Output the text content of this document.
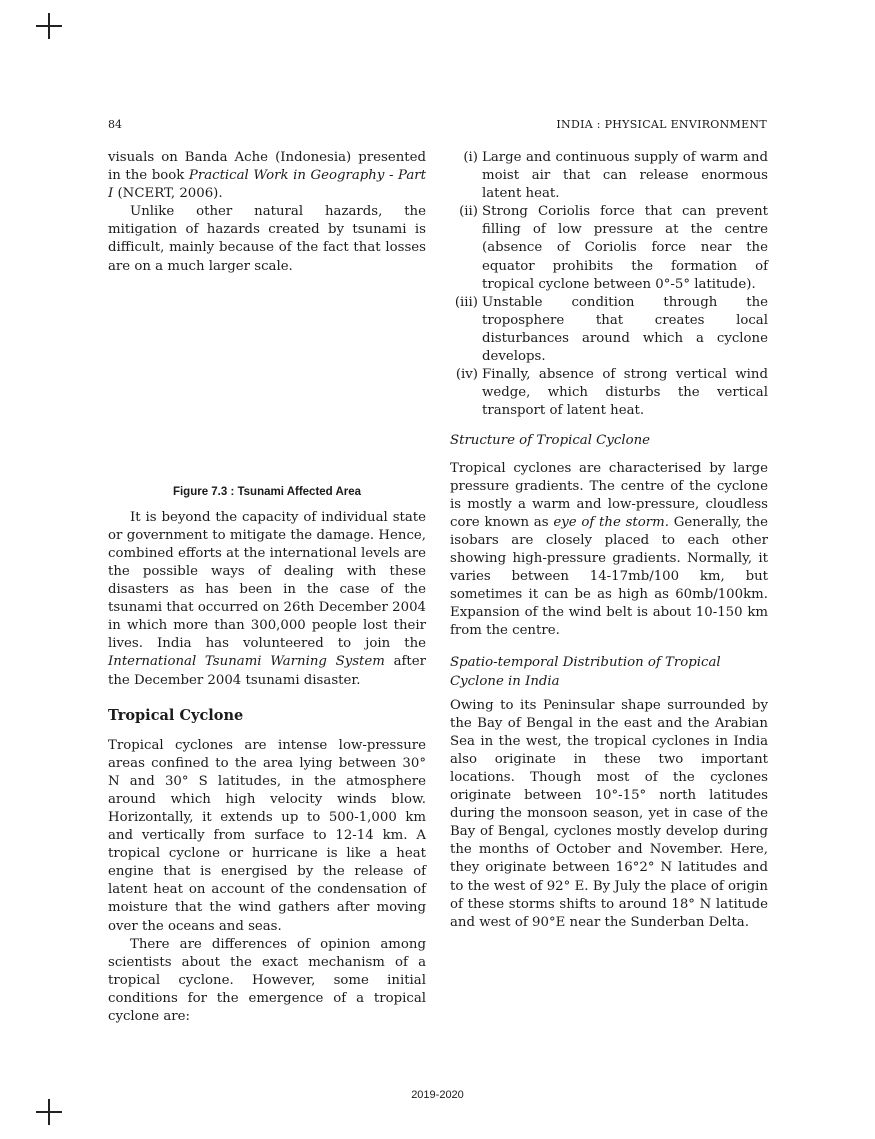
84	INDIA : PHYSICAL ENVIRONMENT

visuals on Banda Ache (Indonesia) presented in the book Practical Work in Geography - Part I (NCERT, 2006).

Unlike other natural hazards, the mitigation of hazards created by tsunami is difficult, mainly because of the fact that losses are on a much larger scale.

Figure 7.3 : Tsunami Affected Area

It is beyond the capacity of individual state or government to mitigate the damage. Hence, combined efforts at the international levels are the possible ways of dealing with these disasters as has been in the case of the tsunami that occurred on 26th December 2004 in which more than 300,000 people lost their lives. India has volunteered to join the International Tsunami Warning System after the December 2004 tsunami disaster.

Tropical Cyclone

Tropical cyclones are intense low-pressure areas confined to the area lying between 30° N and 30° S latitudes, in the atmosphere around which high velocity winds blow. Horizontally, it extends up to 500-1,000 km and vertically from surface to 12-14 km. A tropical cyclone or hurricane is like a heat engine that is energised by the release of latent heat on account of the condensation of moisture that the wind gathers after moving over the oceans and seas.

There are differences of opinion among scientists about the exact mechanism of a tropical cyclone. However, some initial conditions for the emergence of a tropical cyclone are:

(i) Large and continuous supply of warm and moist air that can release enormous latent heat.
(ii) Strong Coriolis force that can prevent filling of low pressure at the centre (absence of Coriolis force near the equator prohibits the formation of tropical cyclone between 0°-5° latitude).
(iii) Unstable condition through the troposphere that creates local disturbances around which a cyclone develops.
(iv) Finally, absence of strong vertical wind wedge, which disturbs the vertical transport of latent heat.
Structure of Tropical Cyclone

Tropical cyclones are characterised by large pressure gradients. The centre of the cyclone is mostly a warm and low-pressure, cloudless core known as eye of the storm. Generally, the isobars are closely placed to each other showing high-pressure gradients. Normally, it varies between 14-17mb/100 km, but sometimes it can be as high as 60mb/100km. Expansion of the wind belt is about 10-150 km from the centre.

Spatio-temporal Distribution of Tropical Cyclone in India

Owing to its Peninsular shape surrounded by the Bay of Bengal in the east and the Arabian Sea in the west, the tropical cyclones in India also originate in these two important locations. Though most of the cyclones originate between 10°-15° north latitudes during the monsoon season, yet in case of the Bay of Bengal, cyclones mostly develop during the months of October and November. Here, they originate between 16°2° N latitudes and to the west of 92° E. By July the place of origin of these storms shifts to around 18° N latitude and west of 90°E near the Sunderban Delta.

2019-2020
